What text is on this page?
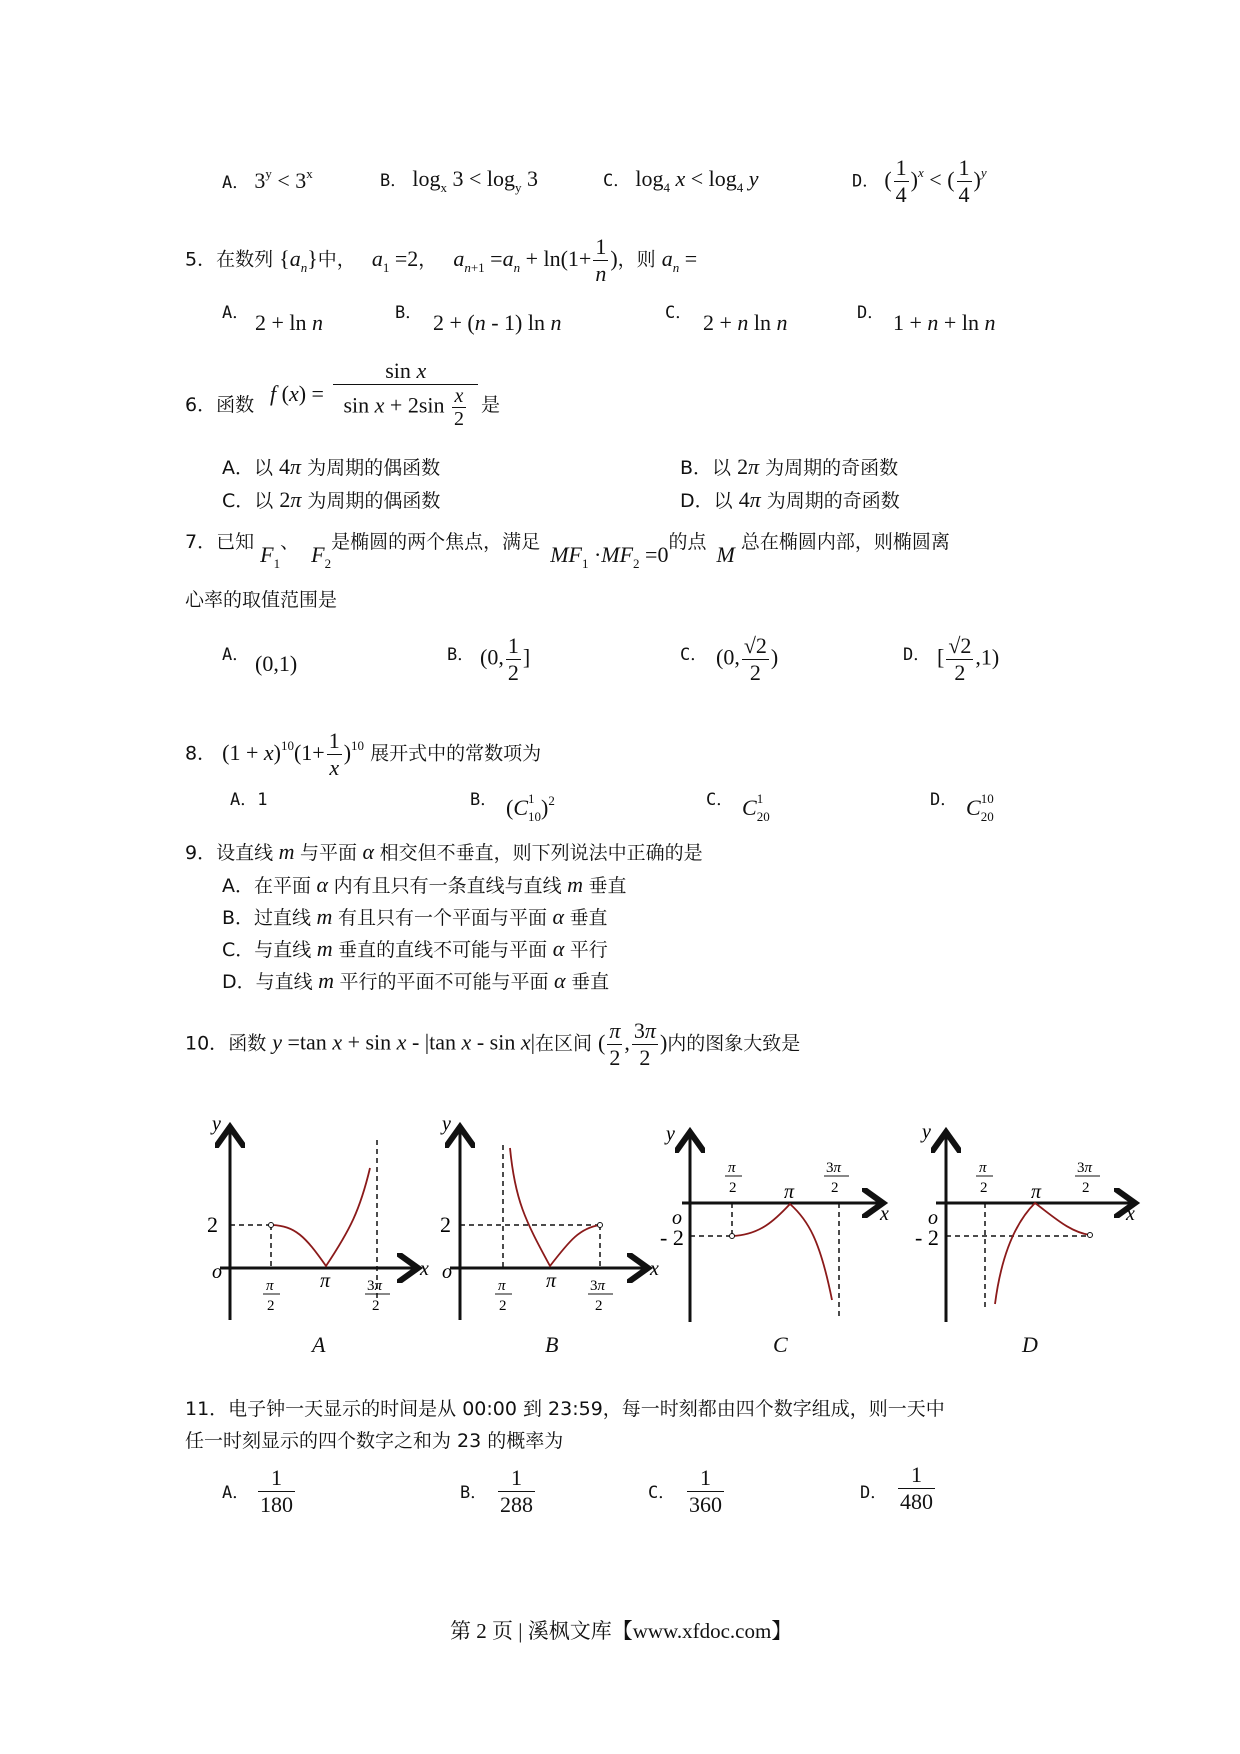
A． $3^y < 3^x$	B． $\log_x 3 < \log_y 3$	C． $\log_4 x < \log_4 y$	D． ( $\frac{1}{4} )^x$ < ( $\frac{1}{4} )^y$
5．在数列 $\{a_n\}$中， $a_1 =2$， $a_{n+1} =a_n + \ln(1+ \frac{1}{n}$ )，则 $a_n$ =
A． 2 + ln n	B． 2 + (n - 1) ln n	C． 2 + n ln n	D． 1 + n + ln n
6．函数 f $(x) = \frac{\text{sin x}}{\sin x + 2\sin \frac{x}{2}}$ 是
A．以 4π 为周期的偶函数	B．以 2π 为周期的奇函数
C．以 2π 为周期的偶函数	D．以 4π 为周期的奇函数
7．已知 $F_1$、 $F_2$是椭圆的两个焦点，满足 $MF_1 \cdot MF_2 =0$的点 M 总在椭圆内部，则椭圆离
心率的取值范围是
A． (0,1)	B． (0, $\frac{1}{2}$ ]	C． (0, $\frac{√2}{2}$ )	D． [ $\frac{√2}{2} ,1$)
8． $(1 + x)^{10}(1+ \frac{1}{x} )^{10}$ 展开式中的常数项为
A．1	B． (C $_{1 10}$)$^2$	C． C $_{1 20}$
D． C $_{10 20}$
9．设直线 m 与平面 α 相交但不垂直，则下列说法中正确的是
A．在平面 α 内有且只有一条直线与直线 m 垂直
B．过直线 m 有且只有一个平面与平面 α 垂直
C．与直线 m 垂直的直线不可能与平面 α 平行
D．与直线 m 平行的平面不可能与平面 α 垂直
10．函数 y =tan x + sin x - |tan x - sin x|在区间 ( $\frac{\pi}{2}$ , $\frac{3\pi}{2}$ )内的图象大致是
y
x
o
2
π
2
π 3π
2
y
x
o
2
π
2
π 3π
2
y
x
o
- 2
π
2 π
3π
2
y
x
o
- 2
π
2 π
3π
2
A	B	C	D
11．电子钟一天显示的时间是从 00:00 到 23:59，每一时刻都由四个数字组成，则一天中
任一时刻显示的四个数字之和为 23 的概率为
A． $\frac{1}{180}$	B． $\frac{1}{288}$	C． $\frac{1}{360}$	D． $\frac{1}{480}$
第 2 页 | 溪枫文库【www.xfdoc.com】
